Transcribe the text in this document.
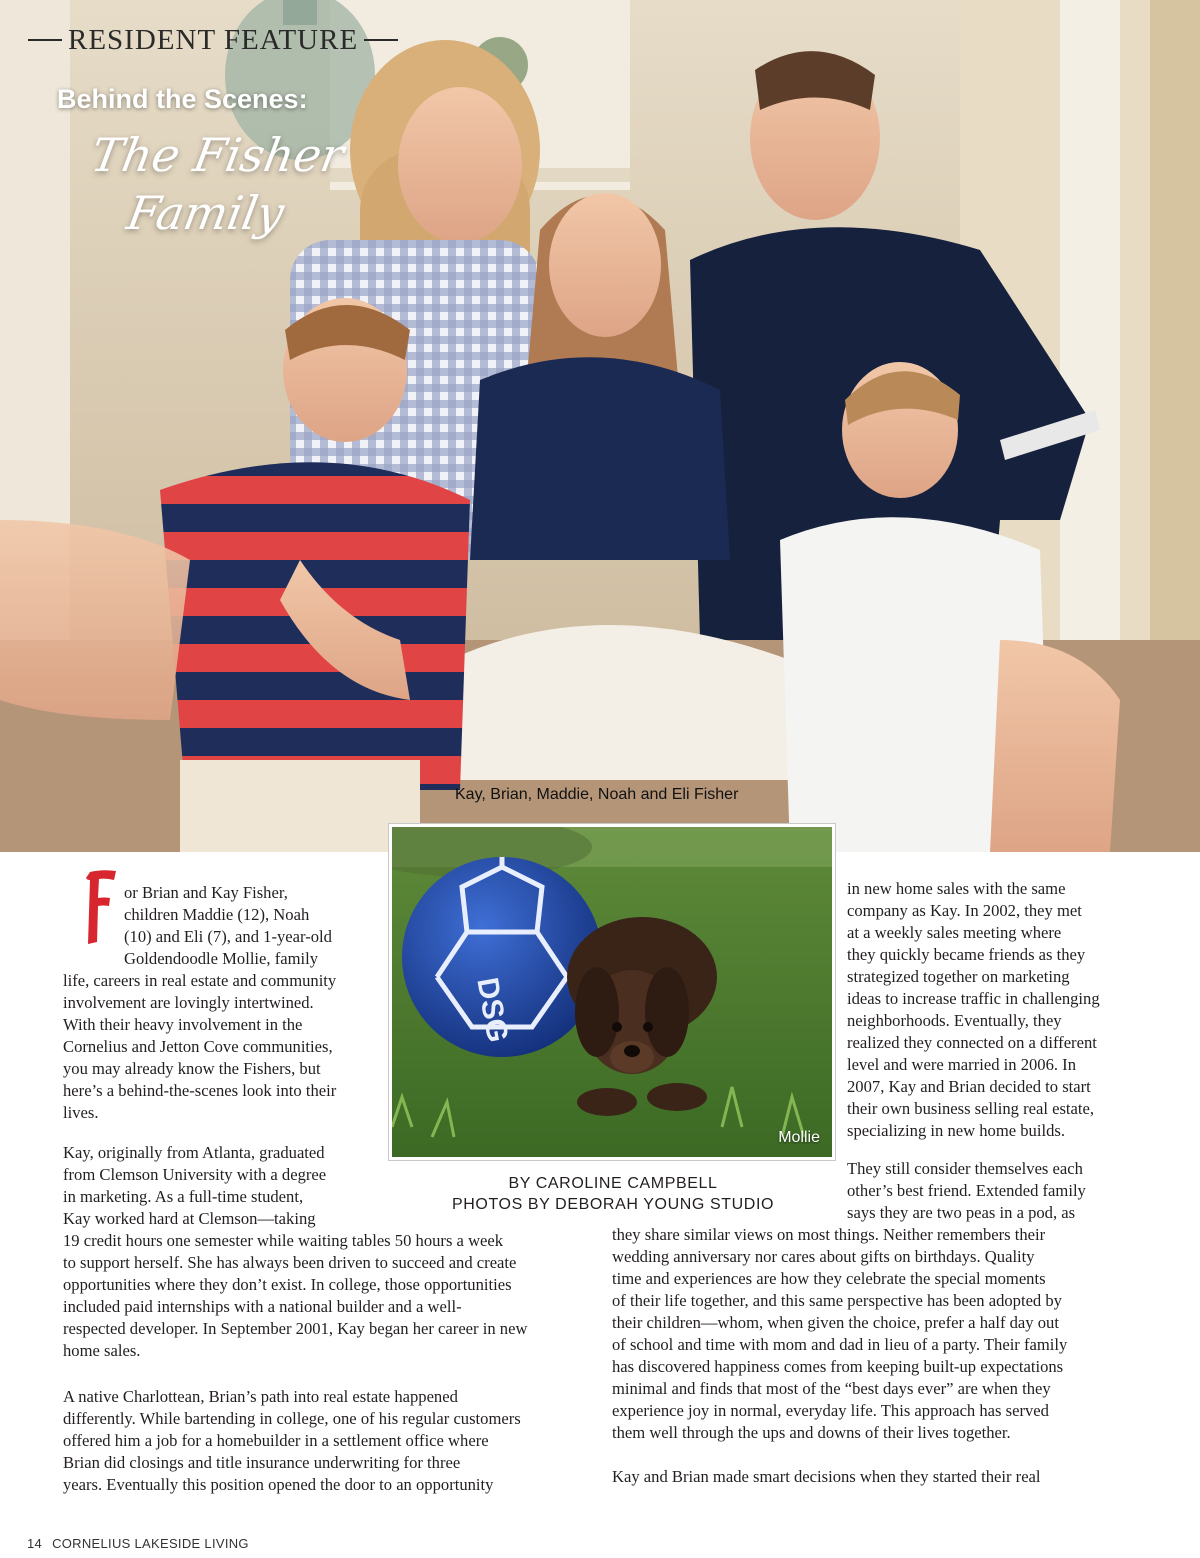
RESIDENT FEATURE
Behind the Scenes:
The Fisher
Family
Kay, Brian, Maddie, Noah and Eli Fisher
DSG
Mollie
BY CAROLINE CAMPBELL
PHOTOS BY DEBORAH YOUNG STUDIO
F
or Brian and Kay Fisher,
children Maddie (12), Noah
(10) and Eli (7), and 1-year-old
Goldendoodle Mollie, family
life, careers in real estate and community
involvement are lovingly intertwined.
With their heavy involvement in the
Cornelius and Jetton Cove communities,
you may already know the Fishers, but
here’s a behind-the-scenes look into their
lives.
Kay, originally from Atlanta, graduated
from Clemson University with a degree
in marketing. As a full-time student,
Kay worked hard at Clemson—taking
19 credit hours one semester while waiting tables 50 hours a week
to support herself. She has always been driven to succeed and create
opportunities where they don’t exist. In college, those opportunities
included paid internships with a national builder and a well-
respected developer. In September 2001, Kay began her career in new
home sales.
A native Charlottean, Brian’s path into real estate happened
differently. While bartending in college, one of his regular customers
offered him a job for a homebuilder in a settlement office where
Brian did closings and title insurance underwriting for three
years. Eventually this position opened the door to an opportunity
in new home sales with the same
company as Kay. In 2002, they met
at a weekly sales meeting where
they quickly became friends as they
strategized together on marketing
ideas to increase traffic in challenging
neighborhoods. Eventually, they
realized they connected on a different
level and were married in 2006. In
2007, Kay and Brian decided to start
their own business selling real estate,
specializing in new home builds.
They still consider themselves each
other’s best friend. Extended family
says they are two peas in a pod, as
they share similar views on most things. Neither remembers their
wedding anniversary nor cares about gifts on birthdays. Quality
time and experiences are how they celebrate the special moments
of their life together, and this same perspective has been adopted by
their children—whom, when given the choice, prefer a half day out
of school and time with mom and dad in lieu of a party. Their family
has discovered happiness comes from keeping built-up expectations
minimal and finds that most of the “best days ever” are when they
experience joy in normal, everyday life. This approach has served
them well through the ups and downs of their lives together.
Kay and Brian made smart decisions when they started their real
14 CORNELIUS LAKESIDE LIVING
